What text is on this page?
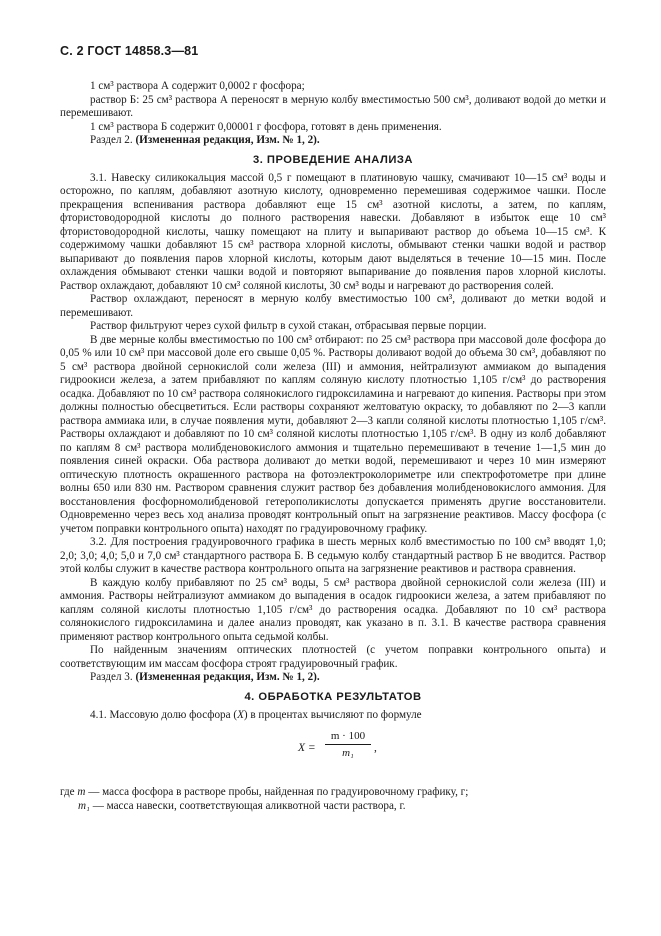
С. 2 ГОСТ 14858.3—81

1 см³ раствора А содержит 0,0002 г фосфора;

раствор Б: 25 см³ раствора А переносят в мерную колбу вместимостью 500 см³, доливают водой до метки и перемешивают.

1 см³ раствора Б содержит 0,00001 г фосфора, готовят в день применения.

Раздел 2. (Измененная редакция, Изм. № 1, 2).

3. ПРОВЕДЕНИЕ АНАЛИЗА

3.1. Навеску силикокальция массой 0,5 г помещают в платиновую чашку, смачивают 10—15 см³ воды и осторожно, по каплям, добавляют азотную кислоту, одновременно перемешивая содержимое чашки. После прекращения вспенивания раствора добавляют еще 15 см³ азотной кислоты, а затем, по каплям, фтористоводородной кислоты до полного растворения навески. Добавляют в избыток еще 10 см³ фтористоводородной кислоты, чашку помещают на плиту и выпаривают раствор до объема 10—15 см³. К содержимому чашки добавляют 15 см³ раствора хлорной кислоты, обмывают стенки чашки водой и раствор выпаривают до появления паров хлорной кислоты, которым дают выделяться в течение 10—15 мин. После охлаждения обмывают стенки чашки водой и повторяют выпаривание до появления паров хлорной кислоты. Раствор охлаждают, добавляют 10 см³ соляной кислоты, 30 см³ воды и нагревают до растворения солей.

Раствор охлаждают, переносят в мерную колбу вместимостью 100 см³, доливают до метки водой и перемешивают.

Раствор фильтруют через сухой фильтр в сухой стакан, отбрасывая первые порции.

В две мерные колбы вместимостью по 100 см³ отбирают: по 25 см³ раствора при массовой доле фосфора до 0,05 % или 10 см³ при массовой доле его свыше 0,05 %. Растворы доливают водой до объема 30 см³, добавляют по 5 см³ раствора двойной сернокислой соли железа (III) и аммония, нейтрализуют аммиаком до выпадения гидроокиси железа, а затем прибавляют по каплям соляную кислоту плотностью 1,105 г/см³ до растворения осадка. Добавляют по 10 см³ раствора солянокислого гидроксиламина и нагревают до кипения. Растворы при этом должны полностью обесцветиться. Если растворы сохраняют желтоватую окраску, то добавляют по 2—3 капли раствора аммиака или, в случае появления мути, добавляют 2—3 капли соляной кислоты плотностью 1,105 г/см³. Растворы охлаждают и добавляют по 10 см³ соляной кислоты плотностью 1,105 г/см³. В одну из колб добавляют по каплям 8 см³ раствора молибденовокислого аммония и тщательно перемешивают в течение 1—1,5 мин до появления синей окраски. Оба раствора доливают до метки водой, перемешивают и через 10 мин измеряют оптическую плотность окрашенного раствора на фотоэлектроколориметре или спектрофотометре при длине волны 650 или 830 нм. Раствором сравнения служит раствор без добавления молибденовокислого аммония. Для восстановления фосфорномолибденовой гетерополикислоты допускается применять другие восстановители. Одновременно через весь ход анализа проводят контрольный опыт на загрязнение реактивов. Массу фосфора (с учетом поправки контрольного опыта) находят по градуировочному графику.

3.2. Для построения градуировочного графика в шесть мерных колб вместимостью по 100 см³ вводят 1,0; 2,0; 3,0; 4,0; 5,0 и 7,0 см³ стандартного раствора Б. В седьмую колбу стандартный раствор Б не вводится. Раствор этой колбы служит в качестве раствора контрольного опыта на загрязнение реактивов и раствора сравнения.

В каждую колбу прибавляют по 25 см³ воды, 5 см³ раствора двойной сернокислой соли железа (III) и аммония. Растворы нейтрализуют аммиаком до выпадения в осадок гидроокиси железа, а затем прибавляют по каплям соляной кислоты плотностью 1,105 г/см³ до растворения осадка. Добавляют по 10 см³ раствора солянокислого гидроксиламина и далее анализ проводят, как указано в п. 3.1. В качестве раствора сравнения применяют раствор контрольного опыта седьмой колбы.

По найденным значениям оптических плотностей (с учетом поправки контрольного опыта) и соответствующим им массам фосфора строят градуировочный график.

Раздел 3. (Измененная редакция, Изм. № 1, 2).

4. ОБРАБОТКА РЕЗУЛЬТАТОВ

4.1. Массовую долю фосфора (X) в процентах вычисляют по формуле

X =
m · 100
m₁	,

где m — масса фосфора в растворе пробы, найденная по градуировочному графику, г;

m₁ — масса навески, соответствующая аликвотной части раствора, г.
